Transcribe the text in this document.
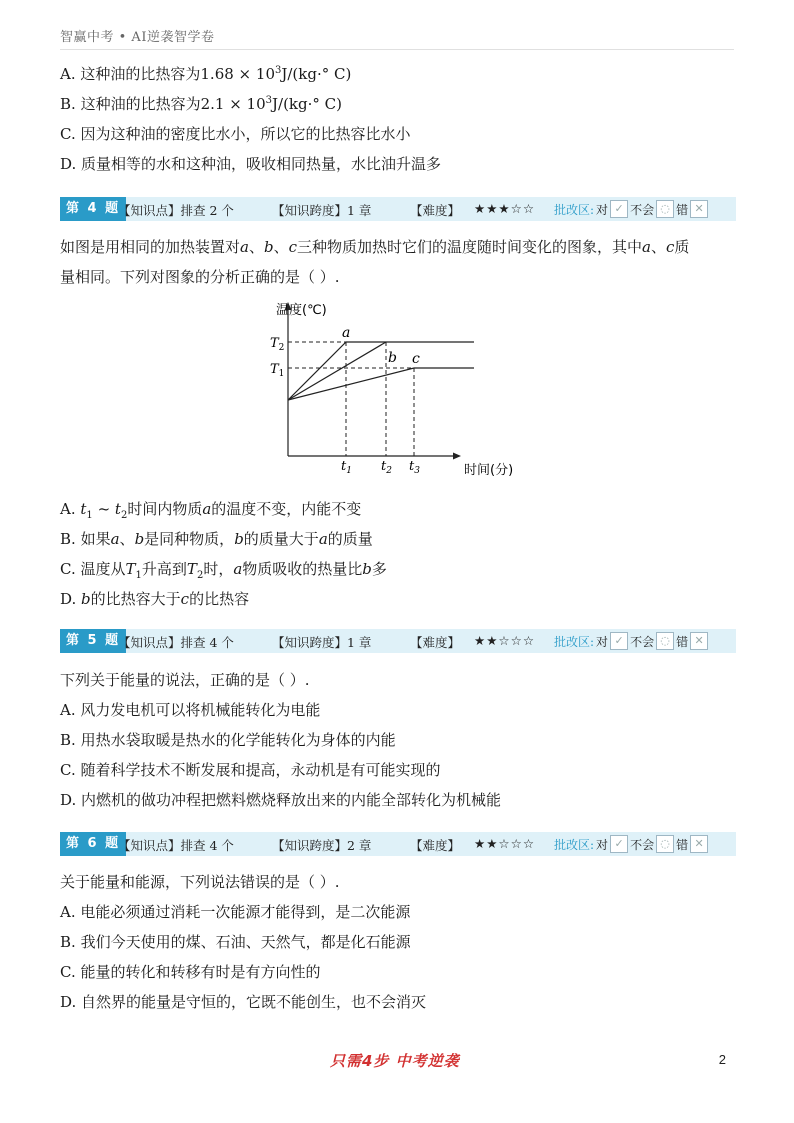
智赢中考 • AI逆袭智学卷
A. 这种油的比热容为$1.68 \times 10^3J/(kg\cdot^\circ$ C)
B. 这种油的比热容为$2.1 \times 10^3J/(kg\cdot^\circ$ C)
C. 因为这种油的密度比水小，所以它的比热容比水小
D. 质量相等的水和这种油，吸收相同热量，水比油升温多
第 4 题
【知识点】排查 2 个	【知识跨度】1 章	【难度】 ★★★☆☆ 批改区: 对 ✓ 不会 ◌ 错 ✕
如图是用相同的加热装置对a、b、c三种物质加热时它们的温度随时间变化的图象，其中a、c质
量相同。下列对图象的分析正确的是（ ）.
温度(℃)
时间(分)
$T_2$
$T_1$
$t_1$ $t_2$ $t_3$
a
b c
A. $t_1$ ~ $t_2$时间内物质a的温度不变，内能不变
B. 如果a、b是同种物质，b的质量大于a的质量
C. 温度从$T_1$升高到$T_2$时，a物质吸收的热量比b多
D. b的比热容大于c的比热容
第 5 题
【知识点】排查 4 个	【知识跨度】1 章	【难度】 ★★☆☆☆ 批改区: 对 ✓ 不会 ◌ 错 ✕
下列关于能量的说法，正确的是（ ）.
A. 风力发电机可以将机械能转化为电能
B. 用热水袋取暖是热水的化学能转化为身体的内能
C. 随着科学技术不断发展和提高，永动机是有可能实现的
D. 内燃机的做功冲程把燃料燃烧释放出来的内能全部转化为机械能
第 6 题
【知识点】排查 4 个	【知识跨度】2 章	【难度】 ★★☆☆☆ 批改区: 对 ✓ 不会 ◌ 错 ✕
关于能量和能源，下列说法错误的是（ ）.
A. 电能必须通过消耗一次能源才能得到，是二次能源
B. 我们今天使用的煤、石油、天然气，都是化石能源
C. 能量的转化和转移有时是有方向性的
D. 自然界的能量是守恒的，它既不能创生，也不会消灭
只需4步 中考逆袭	2
